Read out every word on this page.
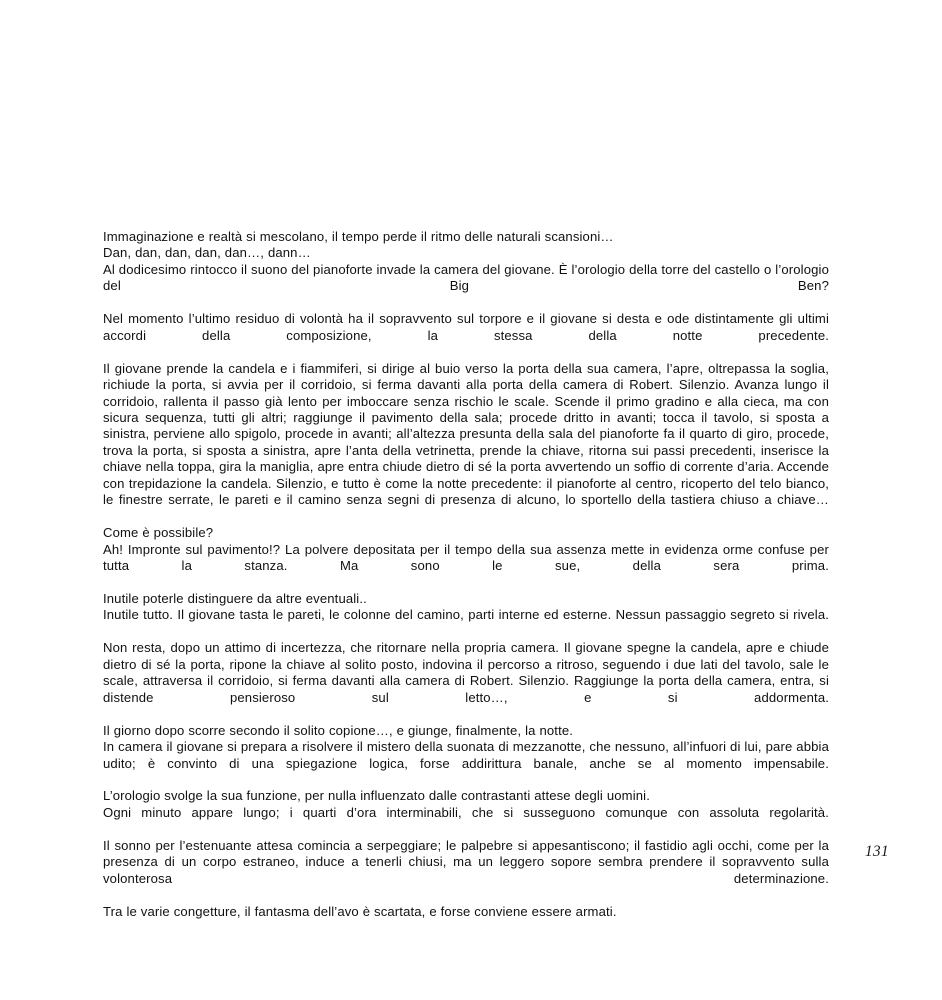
Immaginazione e realtà si mescolano, il tempo perde il ritmo delle naturali scansioni…

Dan, dan, dan, dan, dan…, dann…

Al dodicesimo rintocco il suono del pianoforte invade la camera del giovane. È l’orologio della torre del castello o l’orologio del Big Ben?

Nel momento l’ultimo residuo di volontà ha il sopravvento sul torpore e il giovane si desta e ode distintamente gli ultimi accordi della composizione, la stessa della notte precedente.

Il giovane prende la candela e i fiammiferi, si dirige al buio verso la porta della sua camera, l’apre, oltrepassa la soglia, richiude la porta, si avvia per il corridoio, si ferma davanti alla porta della camera di Robert. Silenzio. Avanza lungo il corridoio, rallenta il passo già lento per imboccare senza rischio le scale. Scende il primo gradino e alla cieca, ma con sicura sequenza, tutti gli altri; raggiunge il pavimento della sala; procede dritto in avanti; tocca il tavolo, si sposta a sinistra, perviene allo spigolo, procede in avanti; all’altezza presunta della sala del pianoforte fa il quarto di giro, procede, trova la porta, si sposta a sinistra, apre l’anta della vetrinetta, prende la chiave, ritorna sui passi precedenti, inserisce la chiave nella toppa, gira la maniglia, apre entra chiude dietro di sé la porta avvertendo un soffio di corrente d’aria. Accende con trepidazione la candela. Silenzio, e tutto è come la notte precedente: il pianoforte al centro, ricoperto del telo bianco, le finestre serrate, le pareti e il camino senza segni di presenza di alcuno, lo sportello della tastiera chiuso a chiave…

Come è possibile?

Ah! Impronte sul pavimento!? La polvere depositata per il tempo della sua assenza mette in evidenza orme confuse per tutta la stanza. Ma sono le sue, della sera prima.

Inutile poterle distinguere da altre eventuali..

Inutile tutto. Il giovane tasta le pareti, le colonne del camino, parti interne ed esterne. Nessun passaggio segreto si rivela.

Non resta, dopo un attimo di incertezza, che ritornare nella propria camera. Il giovane spegne la candela, apre e chiude dietro di sé la porta, ripone la chiave al solito posto, indovina il percorso a ritroso, seguendo i due lati del tavolo, sale le scale, attraversa il corridoio, si ferma davanti alla camera di Robert. Silenzio. Raggiunge la porta della camera, entra, si distende pensieroso sul letto…, e si addormenta.

Il giorno dopo scorre secondo il solito copione…, e giunge, finalmente, la notte.

In camera il giovane si prepara a risolvere il mistero della suonata di mezzanotte, che nessuno, all’infuori di lui, pare abbia udito; è convinto di una spiegazione logica, forse addirittura banale, anche se al momento impensabile.

L’orologio svolge la sua funzione, per nulla influenzato dalle contrastanti attese degli uomini.

Ogni minuto appare lungo; i quarti d’ora interminabili, che si susseguono comunque con assoluta regolarità.

Il sonno per l’estenuante attesa comincia a serpeggiare; le palpebre si appesantiscono; il fastidio agli occhi, come per la presenza di un corpo estraneo, induce a tenerli chiusi, ma un leggero sopore sembra prendere il sopravvento sulla volonterosa determinazione.

Tra le varie congetture, il fantasma dell’avo è scartata, e forse conviene essere armati.

131
